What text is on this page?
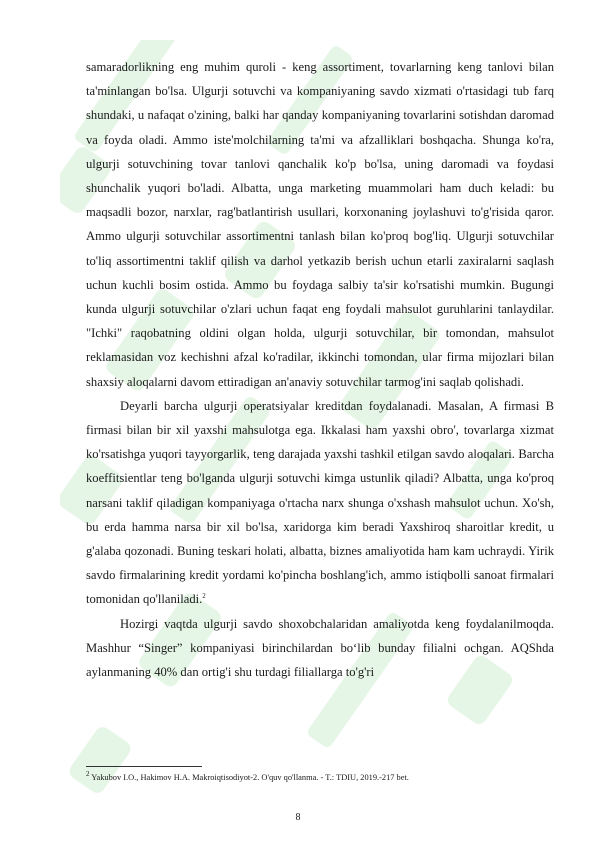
samaradorlikning eng muhim quroli - keng assortiment, tovarlarning keng tanlovi bilan ta'minlangan bo'lsa. Ulgurji sotuvchi va kompaniyaning savdo xizmati o'rtasidagi tub farq shundaki, u nafaqat o'zining, balki har qanday kompaniyaning tovarlarini sotishdan daromad va foyda oladi. Ammo iste'molchilarning ta'mi va afzalliklari boshqacha. Shunga ko'ra, ulgurji sotuvchining tovar tanlovi qanchalik ko'p bo'lsa, uning daromadi va foydasi shunchalik yuqori bo'ladi. Albatta, unga marketing muammolari ham duch keladi: bu maqsadli bozor, narxlar, rag'batlantirish usullari, korxonaning joylashuvi to'g'risida qaror. Ammo ulgurji sotuvchilar assortimentni tanlash bilan ko'proq bog'liq. Ulgurji sotuvchilar to'liq assortimentni taklif qilish va darhol yetkazib berish uchun etarli zaxiralarni saqlash uchun kuchli bosim ostida. Ammo bu foydaga salbiy ta'sir ko'rsatishi mumkin. Bugungi kunda ulgurji sotuvchilar o'zlari uchun faqat eng foydali mahsulot guruhlarini tanlaydilar. "Ichki" raqobatning oldini olgan holda, ulgurji sotuvchilar, bir tomondan, mahsulot reklamasidan voz kechishni afzal ko'radilar, ikkinchi tomondan, ular firma mijozlari bilan shaxsiy aloqalarni davom ettiradigan an'anaviy sotuvchilar tarmog'ini saqlab qolishadi.

Deyarli barcha ulgurji operatsiyalar kreditdan foydalanadi. Masalan, A firmasi B firmasi bilan bir xil yaxshi mahsulotga ega. Ikkalasi ham yaxshi obro', tovarlarga xizmat ko'rsatishga yuqori tayyorgarlik, teng darajada yaxshi tashkil etilgan savdo aloqalari. Barcha koeffitsientlar teng bo'lganda ulgurji sotuvchi kimga ustunlik qiladi? Albatta, unga ko'proq narsani taklif qiladigan kompaniyaga o'rtacha narx shunga o'xshash mahsulot uchun. Xo'sh, bu erda hamma narsa bir xil bo'lsa, xaridorga kim beradi Yaxshiroq sharoitlar kredit, u g'alaba qozonadi. Buning teskari holati, albatta, biznes amaliyotida ham kam uchraydi. Yirik savdo firmalarining kredit yordami ko'pincha boshlang'ich, ammo istiqbolli sanoat firmalari tomonidan qo'llaniladi.$^2$

Hozirgi vaqtda ulgurji savdo shoxobchalaridan amaliyotda keng foydalanilmoqda. Mashhur “Singer” kompaniyasi birinchilardan bo‘lib bunday filialni ochgan. AQShda aylanmaning 40% dan ortig'i shu turdagi filiallarga to'g'ri

$^2$ Yakubov I.O., Hakimov H.A. Makroiqtisodiyot-2. O'quv qo'llanma. - T.: TDIU, 2019.-217 bet.
8
